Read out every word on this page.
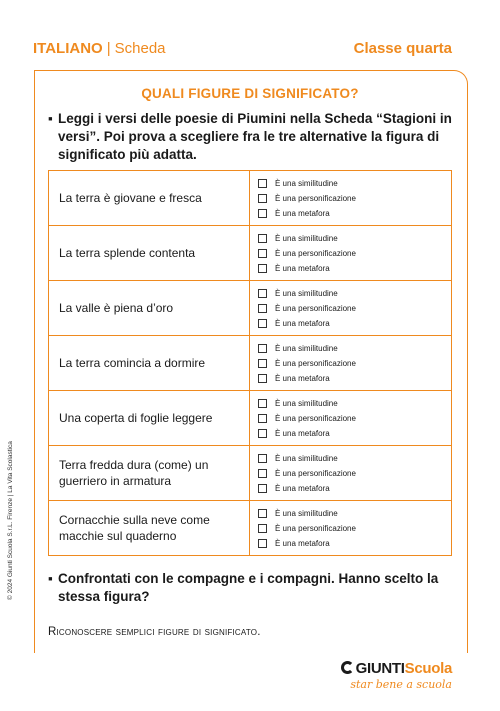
© 2024 Giunti Scuola S.r.L. Firenze | La Vita Scolastica
ITALIANO | Scheda	Classe quarta
QUALI FIGURE DI SIGNIFICATO?
▪ Leggi i versi delle poesie di Piumini nella Scheda “Stagioni in versi”. Poi prova a scegliere fra le tre alternative la figura di significato più adatta.
La terra è giovane e fresca	È una similitudine
È una personificazione
È una metafora

La terra splende contenta	È una similitudine
È una personificazione
È una metafora

La valle è piena d’oro	È una similitudine
È una personificazione
È una metafora

La terra comincia a dormire	È una similitudine
È una personificazione
È una metafora

Una coperta di foglie leggere	È una similitudine
È una personificazione
È una metafora

Terra fredda dura (come) un guerriero in armatura	È una similitudine
È una personificazione
È una metafora

Cornacchie sulla neve come macchie sul quaderno	È una similitudine
È una personificazione
È una metafora
▪ Confrontati con le compagne e i compagni. Hanno scelto la stessa figura?
Riconoscere semplici figure di significato.
GIUNTIScuola
star bene a scuola
